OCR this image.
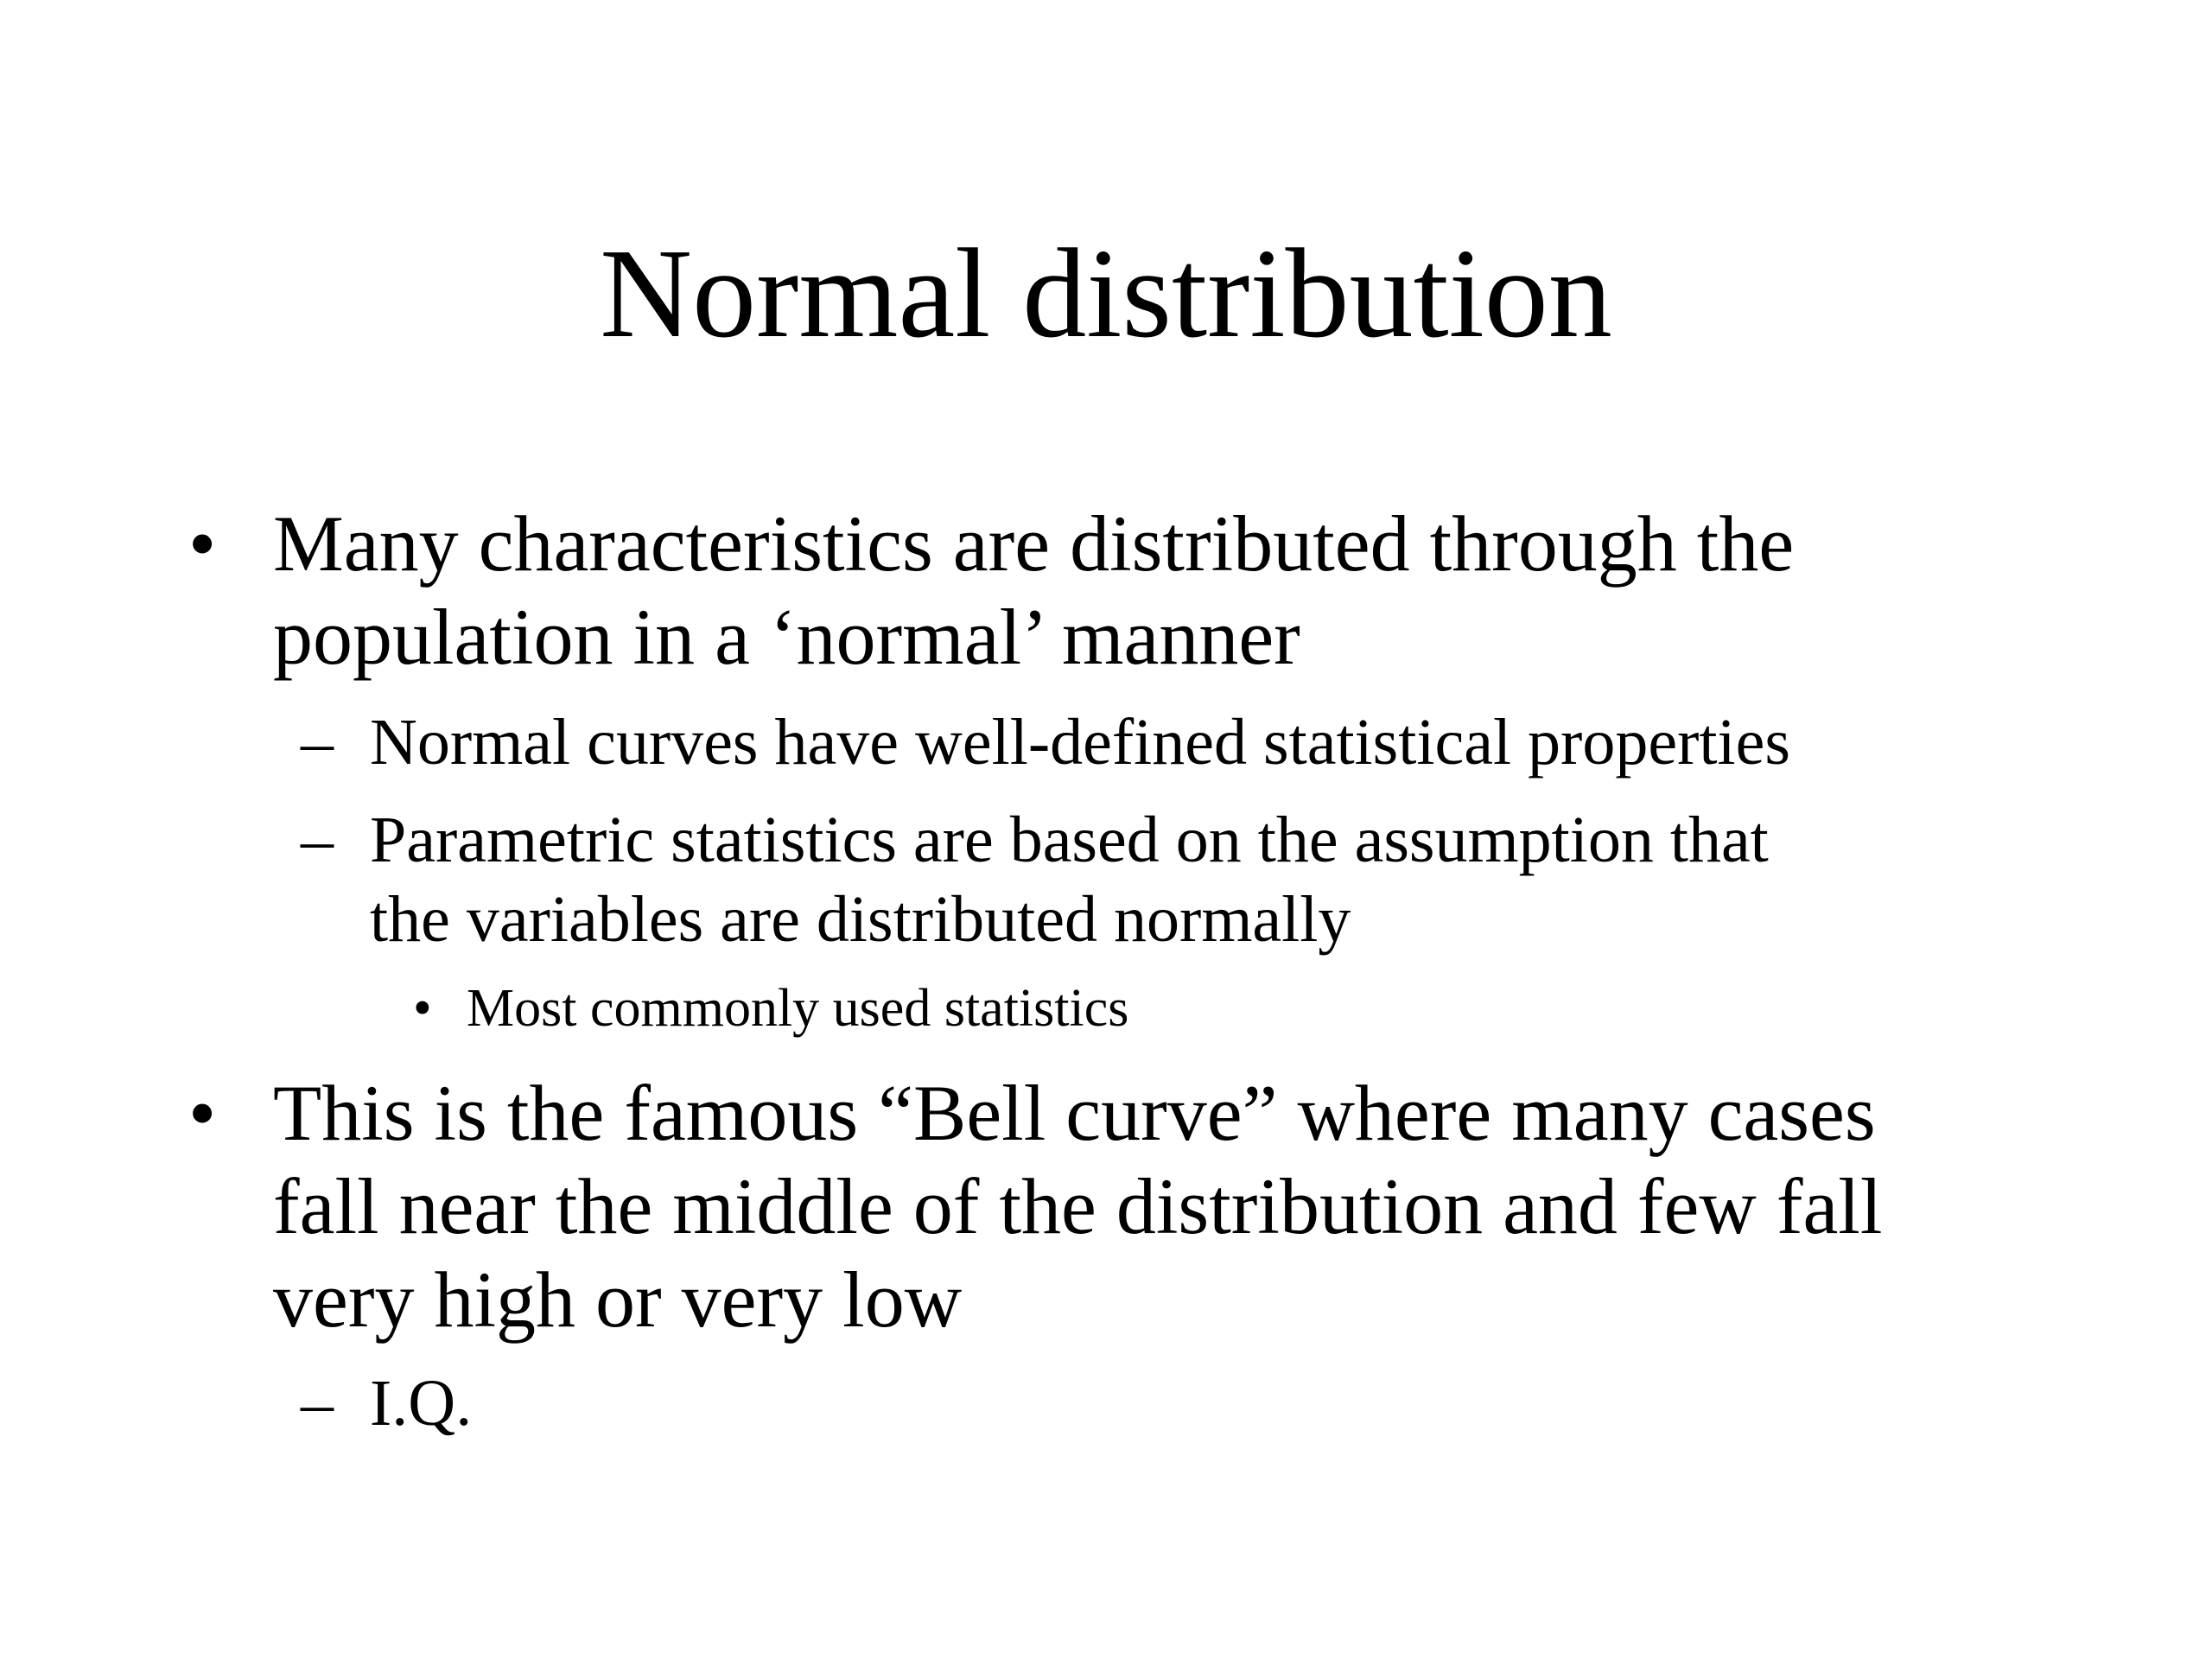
Normal distribution
• Many characteristics are distributed through the
population in a ‘normal’ manner
– Normal curves have well-defined statistical properties
– Parametric statistics are based on the assumption that
the variables are distributed normally
• Most commonly used statistics
• This is the famous “Bell curve” where many cases
fall near the middle of the distribution and few fall
very high or very low
– I.Q.
